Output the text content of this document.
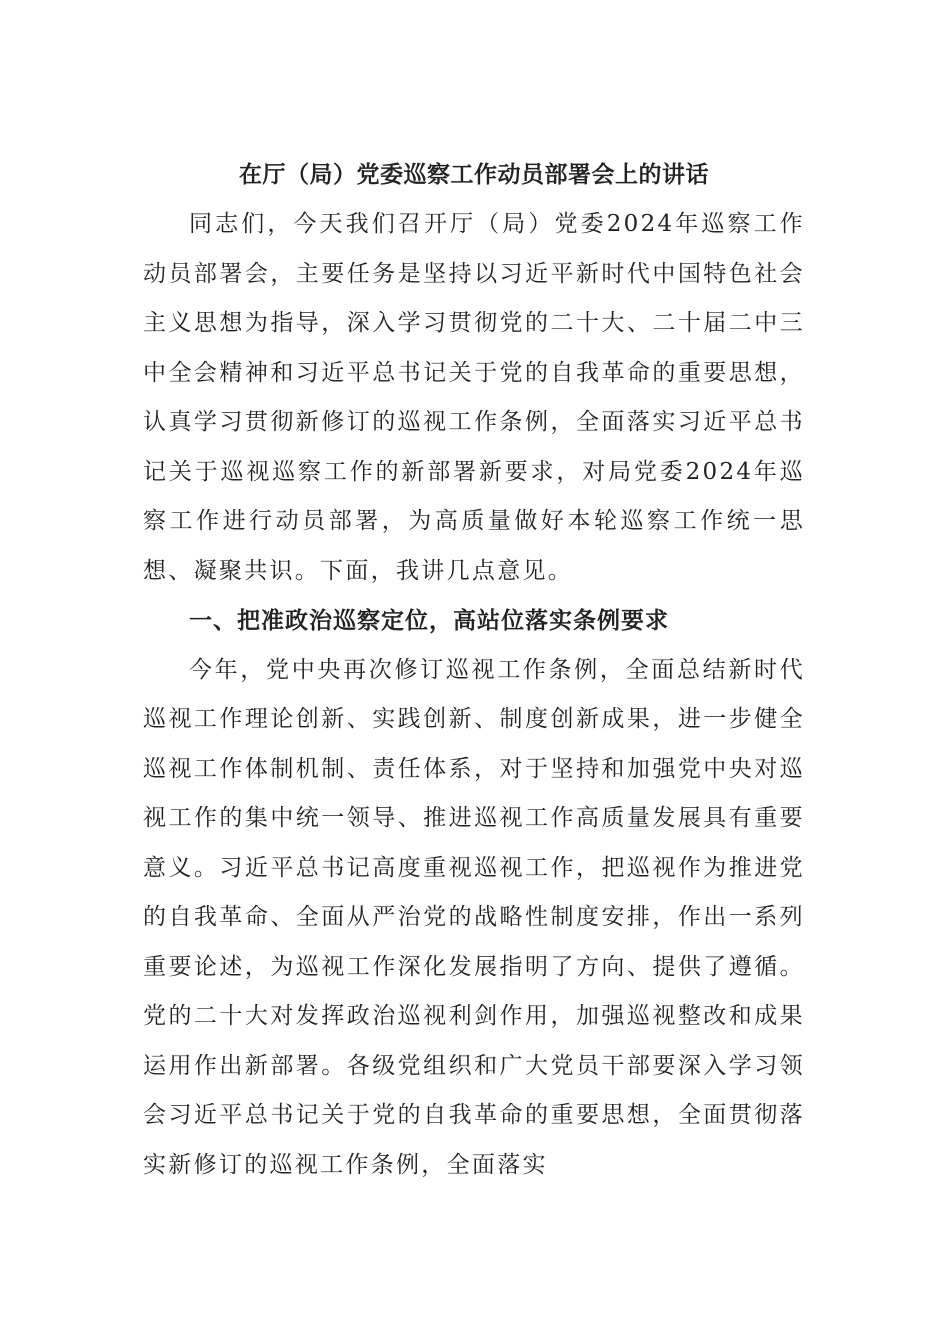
在厅（局）党委巡察工作动员部署会上的讲话

同志们，今天我们召开厅（局）党委2024年巡察工作动员部署会，主要任务是坚持以习近平新时代中国特色社会主义思想为指导，深入学习贯彻党的二十大、二十届二中三中全会精神和习近平总书记关于党的自我革命的重要思想，认真学习贯彻新修订的巡视工作条例，全面落实习近平总书记关于巡视巡察工作的新部署新要求，对局党委2024年巡察工作进行动员部署，为高质量做好本轮巡察工作统一思想、凝聚共识。下面，我讲几点意见。

一、把准政治巡察定位，高站位落实条例要求

今年，党中央再次修订巡视工作条例，全面总结新时代巡视工作理论创新、实践创新、制度创新成果，进一步健全巡视工作体制机制、责任体系，对于坚持和加强党中央对巡视工作的集中统一领导、推进巡视工作高质量发展具有重要意义。习近平总书记高度重视巡视工作，把巡视作为推进党的自我革命、全面从严治党的战略性制度安排，作出一系列重要论述，为巡视工作深化发展指明了方向、提供了遵循。党的二十大对发挥政治巡视利剑作用，加强巡视整改和成果运用作出新部署。各级党组织和广大党员干部要深入学习领会习近平总书记关于党的自我革命的重要思想，全面贯彻落实新修订的巡视工作条例，全面落实
